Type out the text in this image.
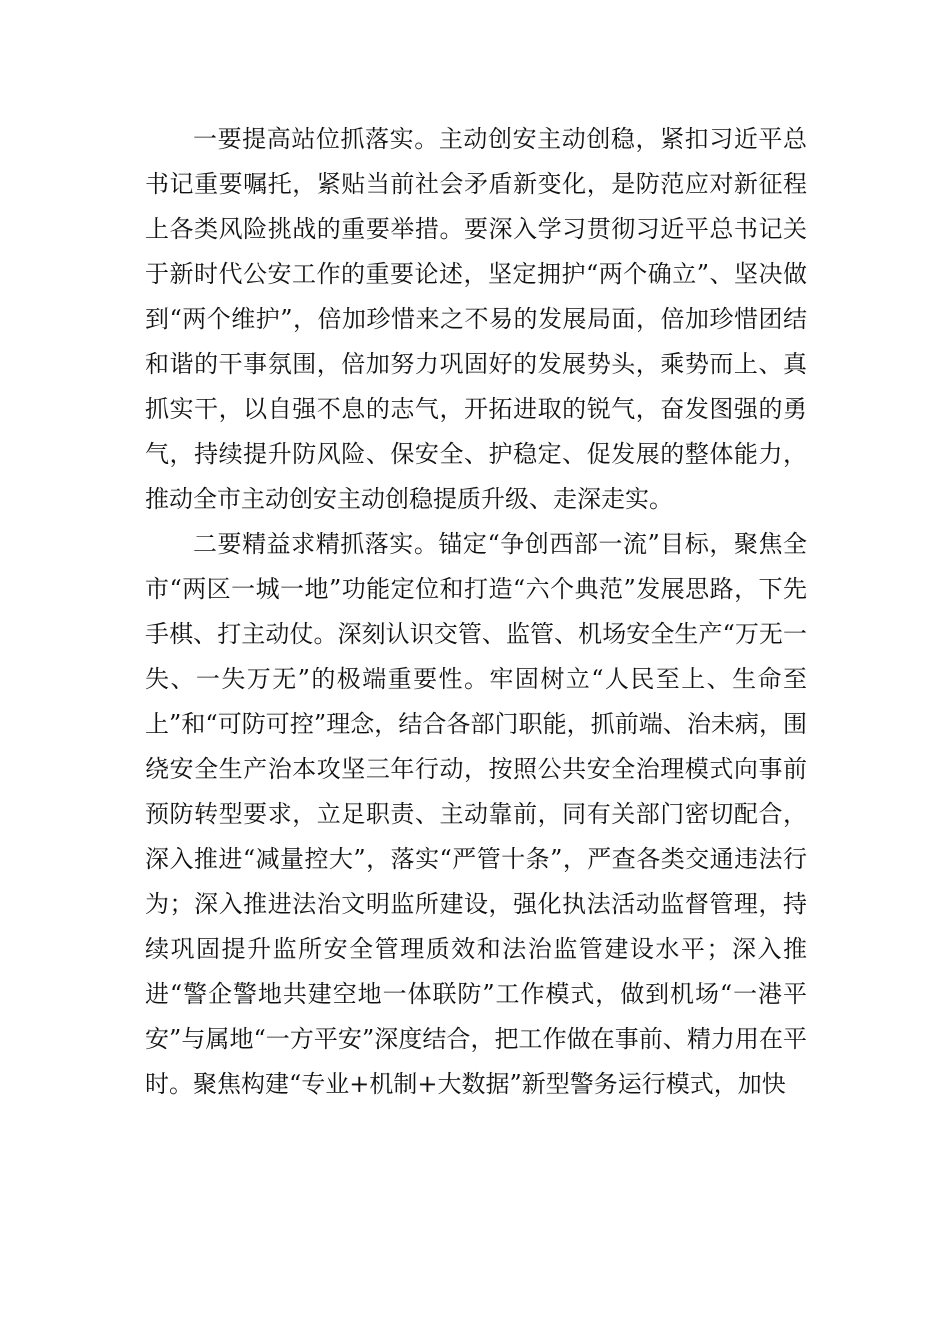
一要提高站位抓落实。主动创安主动创稳，紧扣习近平总书记重要嘱托，紧贴当前社会矛盾新变化，是防范应对新征程上各类风险挑战的重要举措。要深入学习贯彻习近平总书记关于新时代公安工作的重要论述，坚定拥护“两个确立”、坚决做到“两个维护”，倍加珍惜来之不易的发展局面，倍加珍惜团结和谐的干事氛围，倍加努力巩固好的发展势头，乘势而上、真抓实干，以自强不息的志气，开拓进取的锐气，奋发图强的勇气，持续提升防风险、保安全、护稳定、促发展的整体能力，推动全市主动创安主动创稳提质升级、走深走实。

二要精益求精抓落实。锚定“争创西部一流”目标，聚焦全市“两区一城一地”功能定位和打造“六个典范”发展思路，下先手棋、打主动仗。深刻认识交管、监管、机场安全生产“万无一失、一失万无”的极端重要性。牢固树立“人民至上、生命至上”和“可防可控”理念，结合各部门职能，抓前端、治未病，围绕安全生产治本攻坚三年行动，按照公共安全治理模式向事前预防转型要求，立足职责、主动靠前，同有关部门密切配合，深入推进“减量控大”，落实“严管十条”，严查各类交通违法行为；深入推进法治文明监所建设，强化执法活动监督管理，持续巩固提升监所安全管理质效和法治监管建设水平；深入推进“警企警地共建空地一体联防”工作模式，做到机场“一港平安”与属地“一方平安”深度结合，把工作做在事前、精力用在平时。聚焦构建“专业+机制+大数据”新型警务运行模式，加快
